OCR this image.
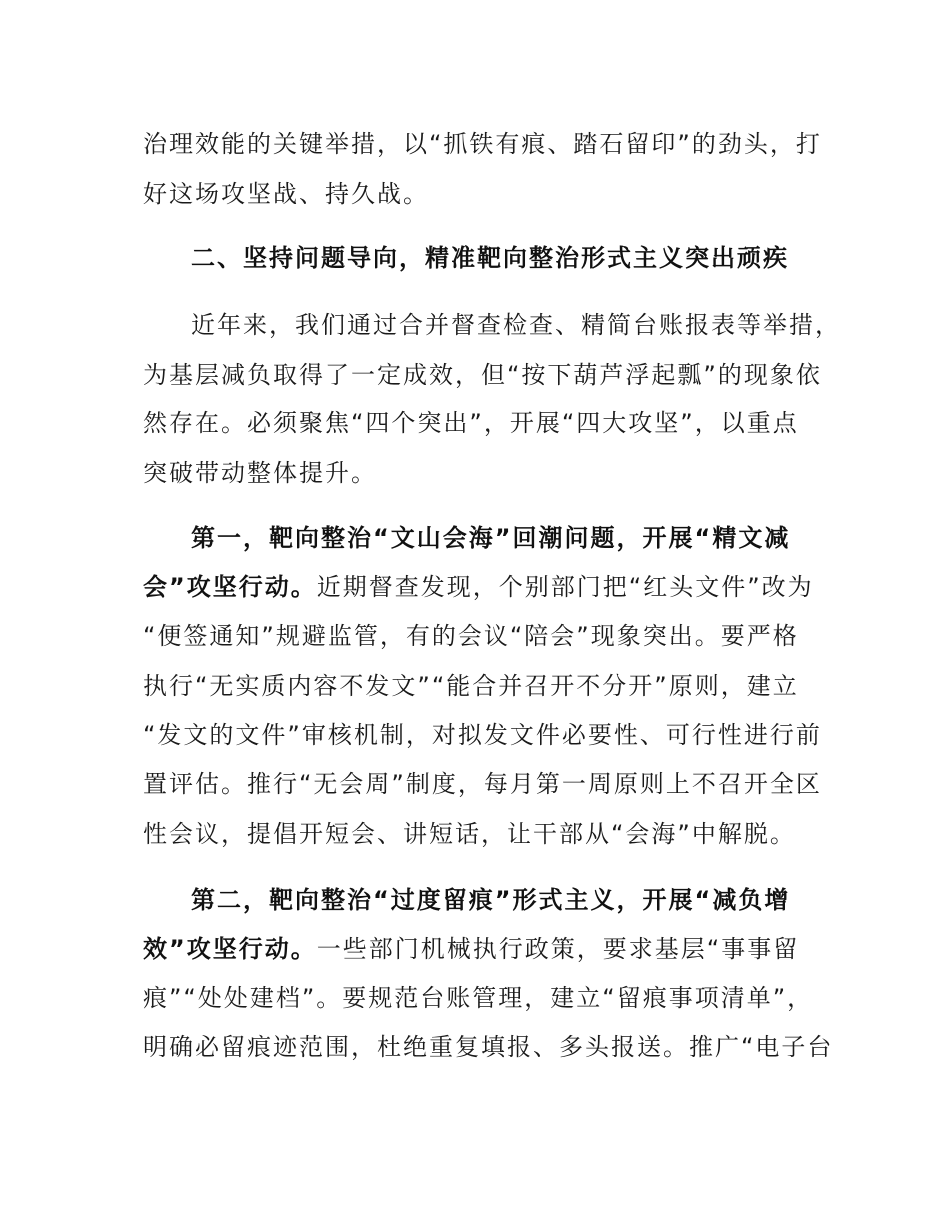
治理效能的关键举措，以“抓铁有痕、踏石留印”的劲头，打
好这场攻坚战、持久战。
二、坚持问题导向，精准靶向整治形式主义突出顽疾
近年来，我们通过合并督查检查、精简台账报表等举措，
为基层减负取得了一定成效，但“按下葫芦浮起瓢”的现象依
然存在。必须聚焦“四个突出”，开展“四大攻坚”，以重点
突破带动整体提升。
第一，靶向整治“文山会海”回潮问题，开展“精文减
会”攻坚行动。近期督查发现，个别部门把“红头文件”改为
“便签通知”规避监管，有的会议“陪会”现象突出。要严格
执行“无实质内容不发文”“能合并召开不分开”原则，建立
“发文的文件”审核机制，对拟发文件必要性、可行性进行前
置评估。推行“无会周”制度，每月第一周原则上不召开全区
性会议，提倡开短会、讲短话，让干部从“会海”中解脱。
第二，靶向整治“过度留痕”形式主义，开展“减负增
效”攻坚行动。一些部门机械执行政策，要求基层“事事留
痕”“处处建档”。要规范台账管理，建立“留痕事项清单”，
明确必留痕迹范围，杜绝重复填报、多头报送。推广“电子台
